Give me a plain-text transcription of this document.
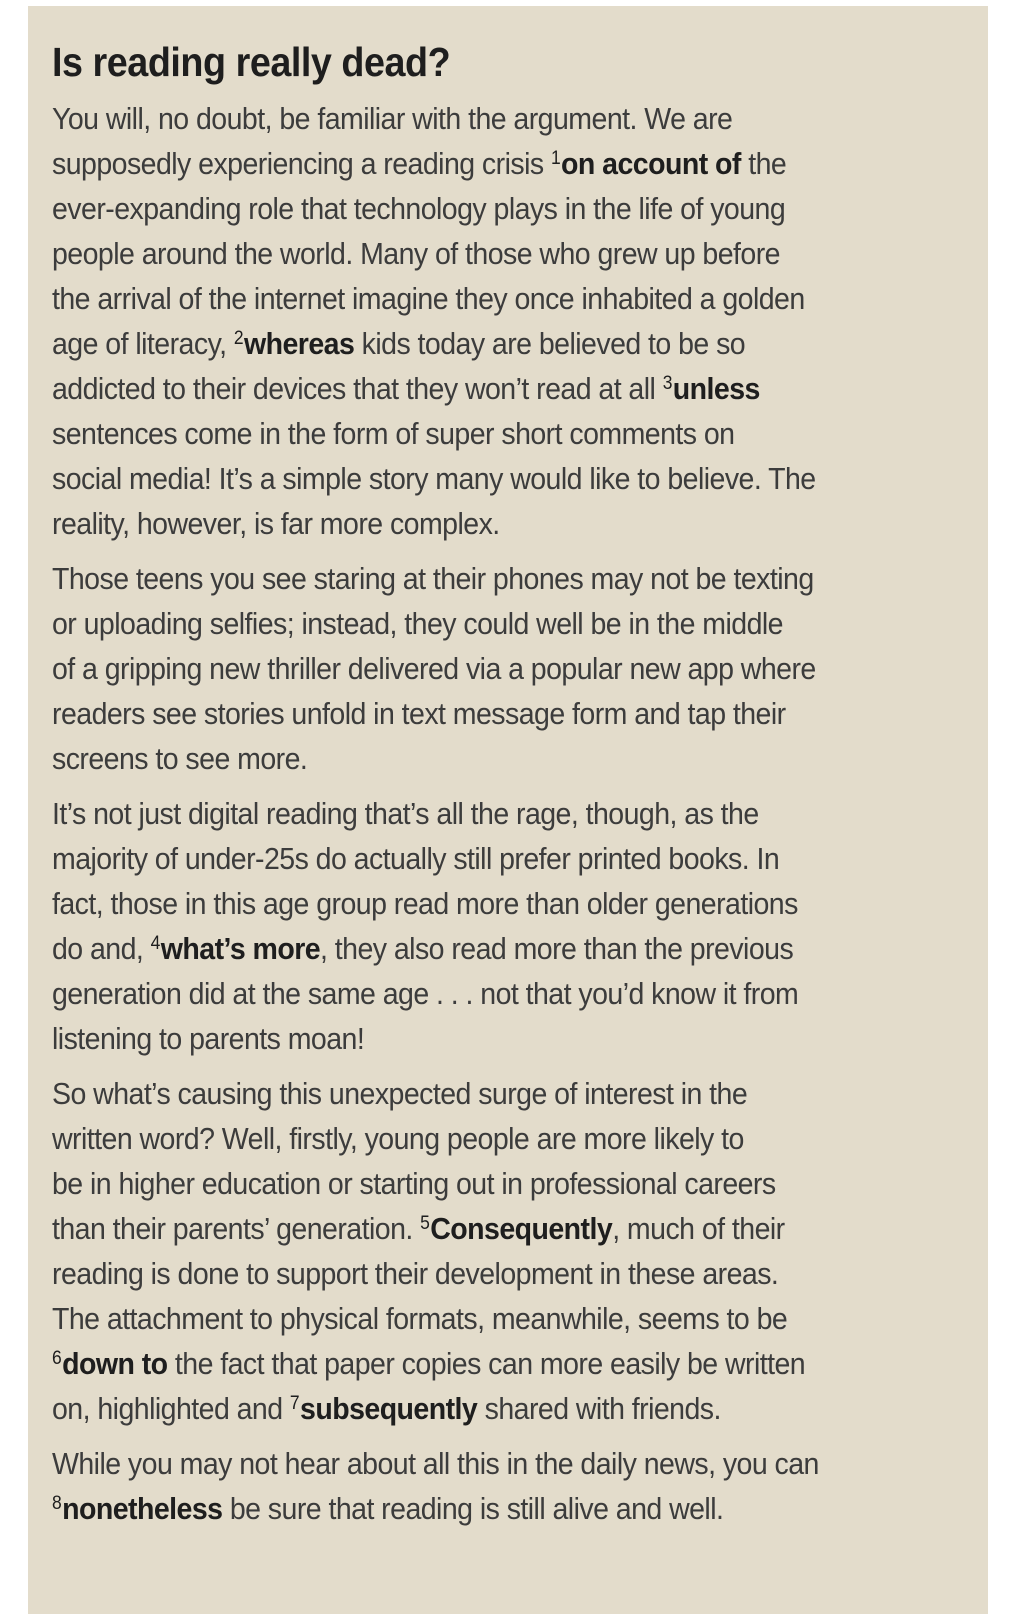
Is reading really dead?

You will, no doubt, be familiar with the argument. We are
supposedly experiencing a reading crisis $^1$on account of the
ever-expanding role that technology plays in the life of young
people around the world. Many of those who grew up before
the arrival of the internet imagine they once inhabited a golden
age of literacy, $^2$whereas kids today are believed to be so
addicted to their devices that they won’t read at all $^3$unless
sentences come in the form of super short comments on
social media! It’s a simple story many would like to believe. The
reality, however, is far more complex.

Those teens you see staring at their phones may not be texting
or uploading selfies; instead, they could well be in the middle
of a gripping new thriller delivered via a popular new app where
readers see stories unfold in text message form and tap their
screens to see more.

It’s not just digital reading that’s all the rage, though, as the
majority of under-25s do actually still prefer printed books. In
fact, those in this age group read more than older generations
do and, $^4$what’s more, they also read more than the previous
generation did at the same age . . . not that you’d know it from
listening to parents moan!

So what’s causing this unexpected surge of interest in the
written word? Well, firstly, young people are more likely to
be in higher education or starting out in professional careers
than their parents’ generation. $^5$Consequently, much of their
reading is done to support their development in these areas.
The attachment to physical formats, meanwhile, seems to be
$^6$down to the fact that paper copies can more easily be written
on, highlighted and $^7$subsequently shared with friends.

While you may not hear about all this in the daily news, you can
$^8$nonetheless be sure that reading is still alive and well.
